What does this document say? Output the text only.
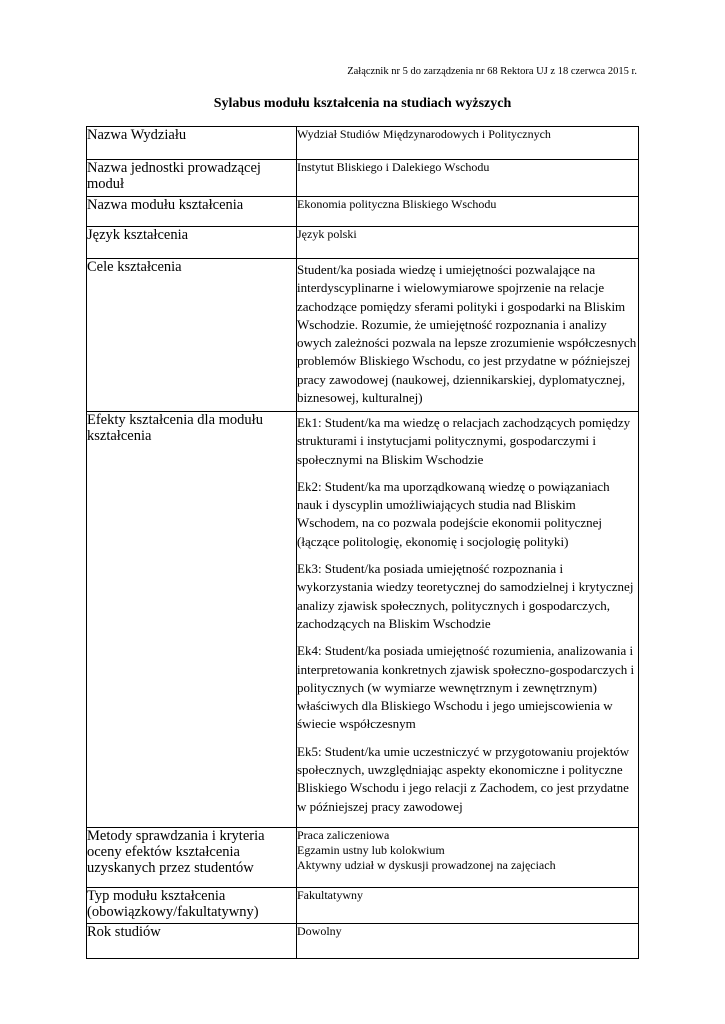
Załącznik nr 5 do zarządzenia nr 68 Rektora UJ z 18 czerwca 2015 r.
Sylabus modułu kształcenia na studiach wyższych
Nazwa Wydziału	Wydział Studiów Międzynarodowych i Politycznych
Nazwa jednostki prowadzącej moduł	Instytut Bliskiego i Dalekiego Wschodu
Nazwa modułu kształcenia	Ekonomia polityczna Bliskiego Wschodu
Język kształcenia	Język polski
Cele kształcenia	Student/ka posiada wiedzę i umiejętności pozwalające na interdyscyplinarne i wielowymiarowe spojrzenie na relacje zachodzące pomiędzy sferami polityki i gospodarki na Bliskim Wschodzie. Rozumie, że umiejętność rozpoznania i analizy owych zależności pozwala na lepsze zrozumienie współczesnych problemów Bliskiego Wschodu, co jest przydatne w późniejszej pracy zawodowej (naukowej, dziennikarskiej, dyplomatycznej, biznesowej, kulturalnej)
Efekty kształcenia dla modułu kształcenia	Ek1: Student/ka ma wiedzę o relacjach zachodzących pomiędzy strukturami i instytucjami politycznymi, gospodarczymi i społecznymi na Bliskim Wschodzie

Ek2: Student/ka ma uporządkowaną wiedzę o powiązaniach nauk i dyscyplin umożliwiających studia nad Bliskim Wschodem, na co pozwala podejście ekonomii politycznej (łączące politologię, ekonomię i socjologię polityki)

Ek3: Student/ka posiada umiejętność rozpoznania i wykorzystania wiedzy teoretycznej do samodzielnej i krytycznej analizy zjawisk społecznych, politycznych i gospodarczych, zachodzących na Bliskim Wschodzie

Ek4: Student/ka posiada umiejętność rozumienia, analizowania i interpretowania konkretnych zjawisk społeczno-gospodarczych i politycznych (w wymiarze wewnętrznym i zewnętrznym) właściwych dla Bliskiego Wschodu i jego umiejscowienia w świecie współczesnym

Ek5: Student/ka umie uczestniczyć w przygotowaniu projektów społecznych, uwzględniając aspekty ekonomiczne i polityczne Bliskiego Wschodu i jego relacji z Zachodem, co jest przydatne w późniejszej pracy zawodowej

Metody sprawdzania i kryteria oceny efektów kształcenia uzyskanych przez studentów	Praca zaliczeniowa
Egzamin ustny lub kolokwium
Aktywny udział w dyskusji prowadzonej na zajęciach

Typ modułu kształcenia (obowiązkowy/fakultatywny)	Fakultatywny
Rok studiów	Dowolny
